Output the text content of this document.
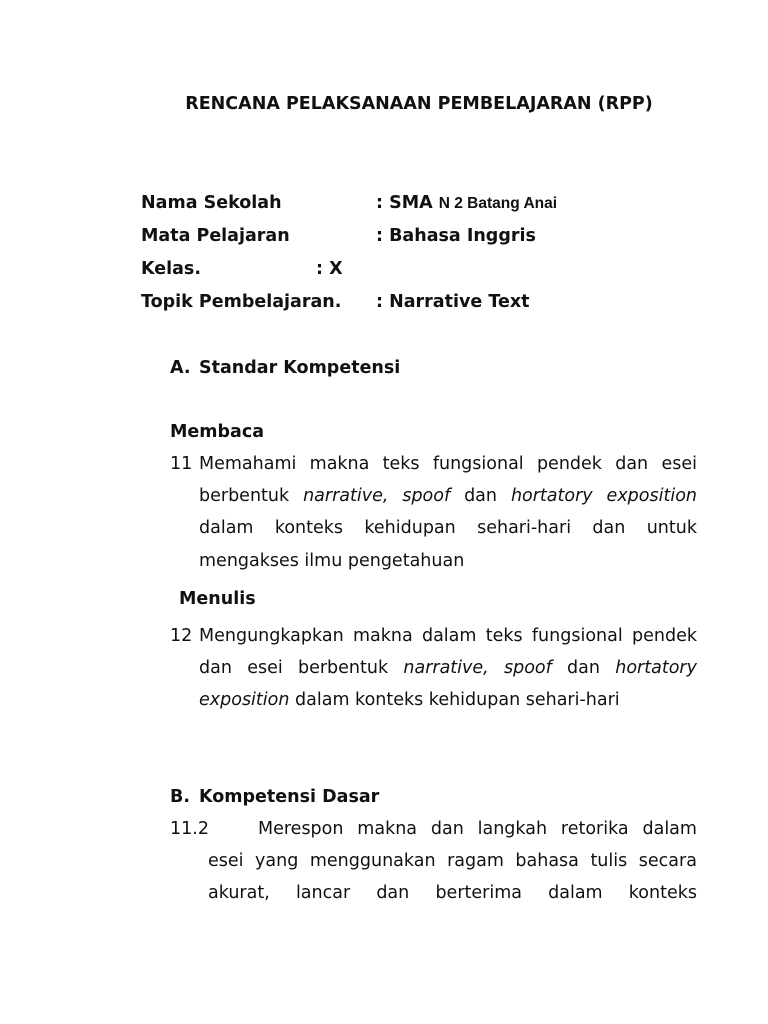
RENCANA PELAKSANAAN PEMBELAJARAN (RPP)
Nama Sekolah	: SMA N 2 Batang Anai
Mata Pelajaran	: Bahasa Inggris
Kelas.	: X
Topik Pembelajaran. : Narrative Text
A. Standar Kompetensi
Membaca
11 Memahami makna teks fungsional pendek dan esei
berbentuk narrative, spoof dan hortatory exposition
dalam konteks kehidupan sehari-hari dan untuk
mengakses ilmu pengetahuan
Menulis
12 Mengungkapkan makna dalam teks fungsional pendek
dan esei berbentuk narrative, spoof dan hortatory
exposition dalam konteks kehidupan sehari-hari
B. Kompetensi Dasar
11.2	Merespon makna dan langkah retorika dalam
esei yang menggunakan ragam bahasa tulis secara
akurat, lancar dan berterima dalam konteks
